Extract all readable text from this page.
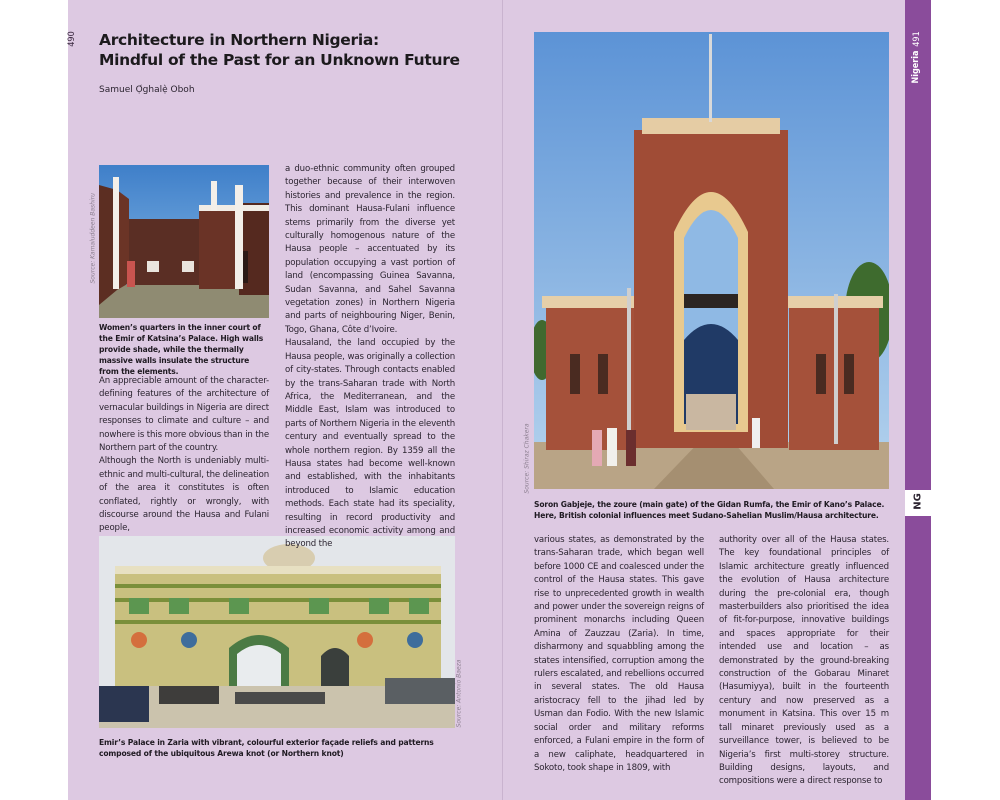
490	491
Nigeria
NG
Architecture in Northern Nigeria:
Mindful of the Past for an Unknown Future
Samuel Ọ́ghalẹ̀ Oboh
Source: Kamaluddeen Bashiru
Women’s quarters in the inner court of the Emir of Katsina’s Palace. High walls provide shade, while the thermally massive walls insulate the structure from the elements.
Source: Shiraz Chakera
Soron Gabjeje, the zoure (main gate) of the Gidan Rumfa, the Emir of Kano’s Palace. Here, British colonial influences meet Sudano-Sahelian Muslim/Hausa architecture.
Source: Antonio Baeza
Emir’s Palace in Zaria with vibrant, colourful exterior façade reliefs and patterns composed of the ubiquitous Arewa knot (or Northern knot)

An appreciable amount of the character-defining features of the architecture of vernacular buildings in Nigeria are direct responses to climate and culture – and nowhere is this more obvious than in the Northern part of the country.

Although the North is undeniably multi-ethnic and multi-cultural, the delineation of the area it constitutes is often conflated, rightly or wrongly, with discourse around the Hausa and Fulani people,

a duo-ethnic community often grouped together because of their interwoven histories and prevalence in the region. This dominant Hausa-Fulani influence stems primarily from the diverse yet culturally homogenous nature of the Hausa people – accentuated by its population occupying a vast portion of land (encompassing Guinea Savanna, Sudan Savanna, and Sahel Savanna vegetation zones) in Northern Nigeria and parts of neighbouring Niger, Benin, Togo, Ghana, Côte d’Ivoire.

Hausaland, the land occupied by the Hausa people, was originally a collection of city-states. Through contacts enabled by the trans-Saharan trade with North Africa, the Mediterranean, and the Middle East, Islam was introduced to parts of Northern Nigeria in the eleventh century and eventually spread to the whole northern region. By 1359 all the Hausa states had become well-known and established, with the inhabitants introduced to Islamic education methods. Each state had its speciality, resulting in record productivity and increased economic activity among and beyond the	various states, as demonstrated by the trans-Saharan trade, which began well before 1000 CE and coalesced under the control of the Hausa states. This gave rise to unprecedented growth in wealth and power under the sovereign reigns of prominent monarchs including Queen Amina of Zauzzau (Zaria). In time, disharmony and squabbling among the states intensified, corruption among the rulers escalated, and rebellions occurred in several states. The old Hausa aristocracy fell to the jihad led by Usman dan Fodio. With the new Islamic social order and military reforms enforced, a Fulani empire in the form of a new caliphate, headquartered in Sokoto, took shape in 1809, with

authority over all of the Hausa states. The key foundational principles of Islamic architecture greatly influenced the evolution of Hausa architecture during the pre-colonial era, though masterbuilders also prioritised the idea of fit-for-purpose, innovative buildings and spaces appropriate for their intended use and location – as demonstrated by the ground-breaking construction of the Gobarau Minaret (Hasumiyya), built in the fourteenth century and now preserved as a monument in Katsina. This over 15 m tall minaret previously used as a surveillance tower, is believed to be Nigeria’s first multi-storey structure. Building designs, layouts, and compositions were a direct response to
